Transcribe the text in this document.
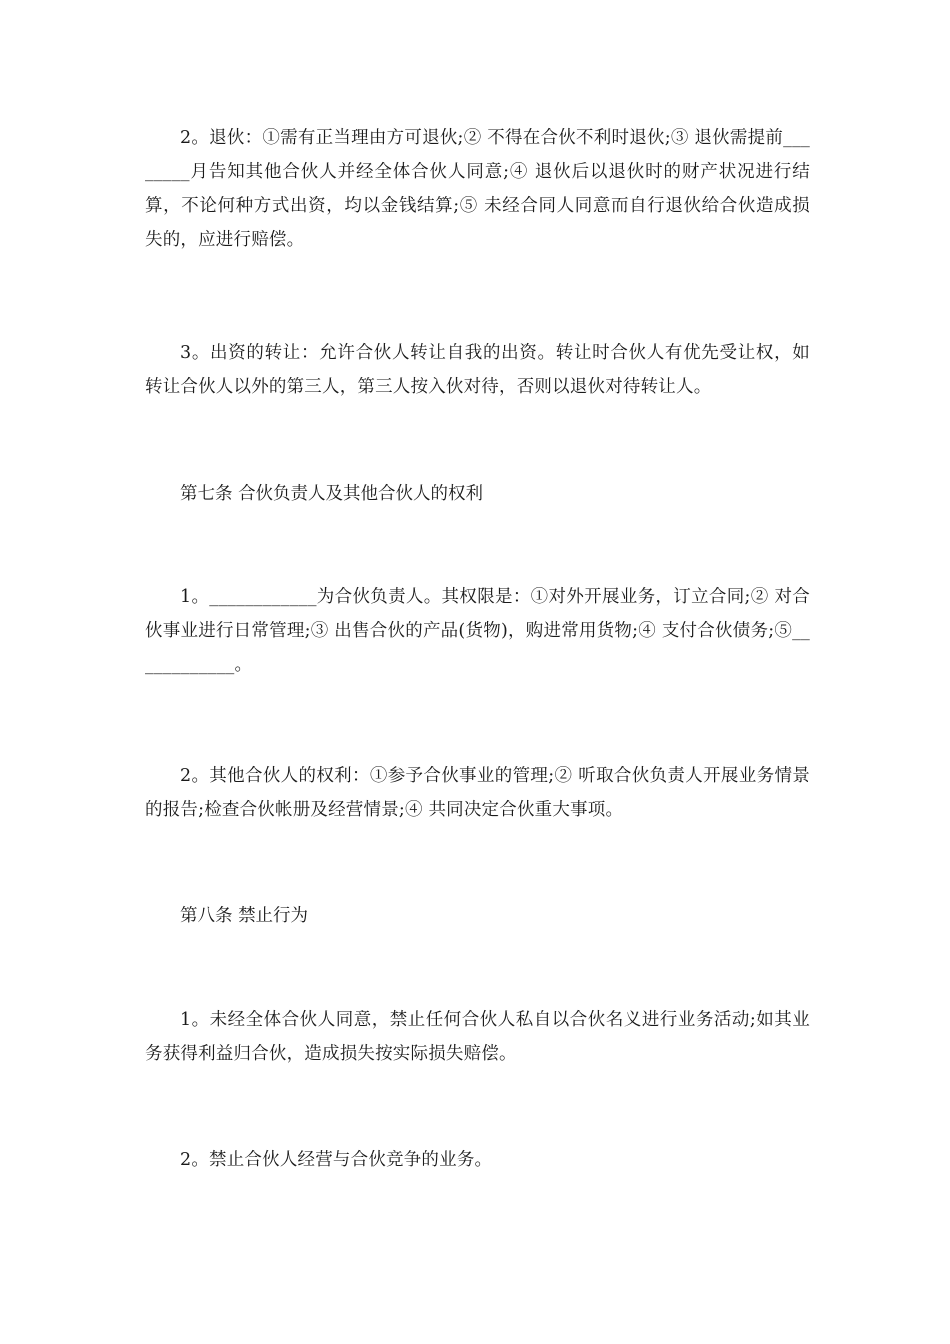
2。退伙：①需有正当理由方可退伙;② 不得在合伙不利时退伙;③ 退伙需提前________月告知其他合伙人并经全体合伙人同意;④ 退伙后以退伙时的财产状况进行结算，不论何种方式出资，均以金钱结算;⑤ 未经合同人同意而自行退伙给合伙造成损失的，应进行赔偿。

3。出资的转让：允许合伙人转让自我的出资。转让时合伙人有优先受让权，如转让合伙人以外的第三人，第三人按入伙对待，否则以退伙对待转让人。

第七条 合伙负责人及其他合伙人的权利

1。____________为合伙负责人。其权限是：①对外开展业务，订立合同;② 对合伙事业进行日常管理;③ 出售合伙的产品(货物)，购进常用货物;④ 支付合伙债务;⑤____________。

2。其他合伙人的权利：①参予合伙事业的管理;② 听取合伙负责人开展业务情景的报告;检查合伙帐册及经营情景;④ 共同决定合伙重大事项。

第八条 禁止行为

1。未经全体合伙人同意，禁止任何合伙人私自以合伙名义进行业务活动;如其业务获得利益归合伙，造成损失按实际损失赔偿。

2。禁止合伙人经营与合伙竞争的业务。
